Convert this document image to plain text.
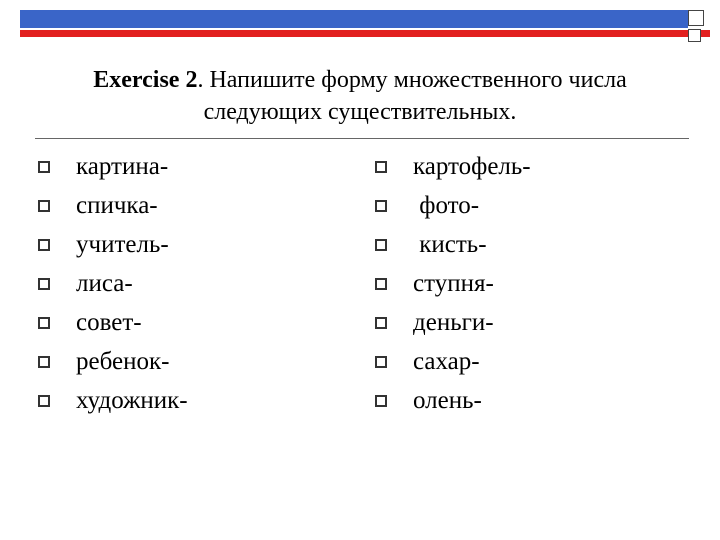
Exercise 2. Напишите форму множественного числа
следующих существительных.
картина-
спичка-
учитель-
лиса-
совет-
ребенок-
художник-
картофель-
фото-
кисть-
ступня-
деньги-
сахар-
олень-
